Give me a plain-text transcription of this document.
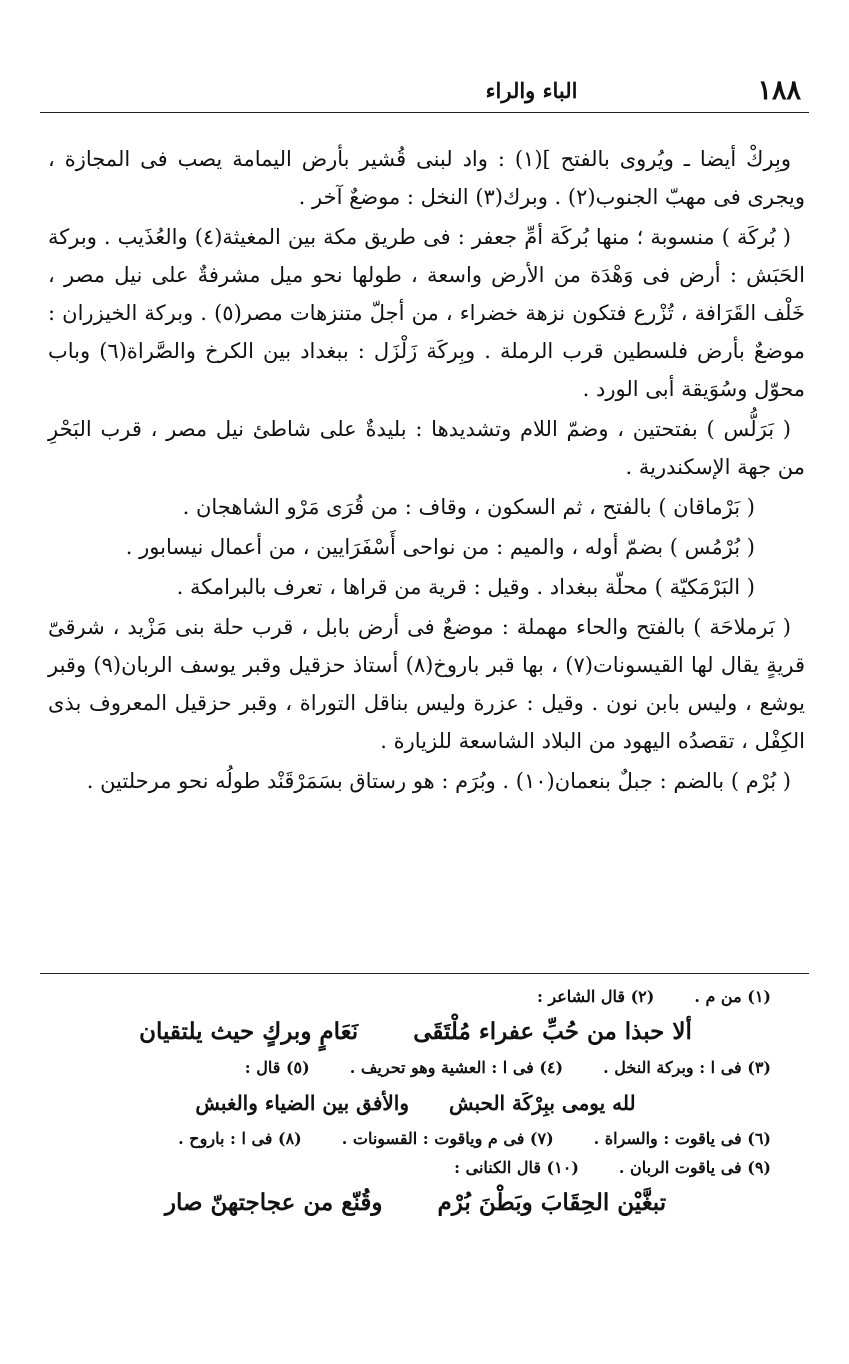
١٨٨
الباء والراء

وبِركْ أيضا ـ ويُروى بالفتح ](١) : واد لبنى قُشير بأرض اليمامة يصب فى المجازة ، ويجرى فى مهبّ الجنوب(٢) . وبرك(٣) النخل : موضعٌ آخر .

( بُركَة ) منسوبة ؛ منها بُركَة أمِّ جعفر : فى طريق مكة بين المغيثة(٤) والعُذَيب . وبركة الحَبَش : أرض فى وَهْدَة من الأرض واسعة ، طولها نحو ميل مشرفةٌ على نيل مصر ، خَلْف القَرَافة ، تُزْرع فتكون نزهة خضراء ، من أجلّ متنزهات مصر(٥) . وبركة الخيزران : موضعٌ بأرض فلسطين قرب الرملة . وبِركَة زَلْزَل : ببغداد بين الكرخ والصَّراة(٦) وباب محوّل وسُوَيقة أبى الورد .

( بَرَلُّس ) بفتحتين ، وضمّ اللام وتشديدها : بليدةٌ على شاطئ نيل مصر ، قرب البَحْرِ من جهة الإسكندرية .

( بَرْماقان ) بالفتح ، ثم السكون ، وقاف : من قُرَى مَرْو الشاهجان .

( بُرْمُس ) بضمّ أوله ، والميم : من نواحى أَسْفَرَايين ، من أعمال نيسابور .

( البَرْمَكيّة ) محلّة ببغداد . وقيل : قرية من قراها ، تعرف بالبرامكة .

( بَرملاحَة ) بالفتح والحاء مهملة : موضعٌ فى أرض بابل ، قرب حلة بنى مَزْيد ، شرقىّ قريةٍ يقال لها القيسونات(٧) ، بها قبر باروخ(٨) أستاذ حزقيل وقبر يوسف الربان(٩) وقبر يوشع ، وليس بابن نون . وقيل : عزرة وليس بناقل التوراة ، وقبر حزقيل المعروف بذى الكِفْل ، تقصدُه اليهود من البلاد الشاسعة للزيارة .

( بُرْم ) بالضم : جبلٌ بنعمان(١٠) . وبُرَم : هو رستاق بسَمَرْقَنْد طولُه نحو مرحلتين .

(١) من م .
(٢) قال الشاعر :
ألا حبذا من حُبِّ عفراء مُلْتَقَى
نَعَامٍ وبركٍ حيث يلتقيان
(٣) فى ا : وبركة النخل .
(٤) فى ا : العشية وهو تحريف .
(٥) قال :
لله يومى ببِرْكَة الحبش
والأفق بين الضياء والغبش
(٦) فى ياقوت : والسراة .
(٧) فى م وياقوت : القسونات .
(٨) فى ا : باروح .
(٩) فى ياقوت الربان .
(١٠) قال الكنانى :
تبغَّيْن الحِقَابَ وبَطْنَ بُرْم
وقُنّع من عجاجتهنّ صار
